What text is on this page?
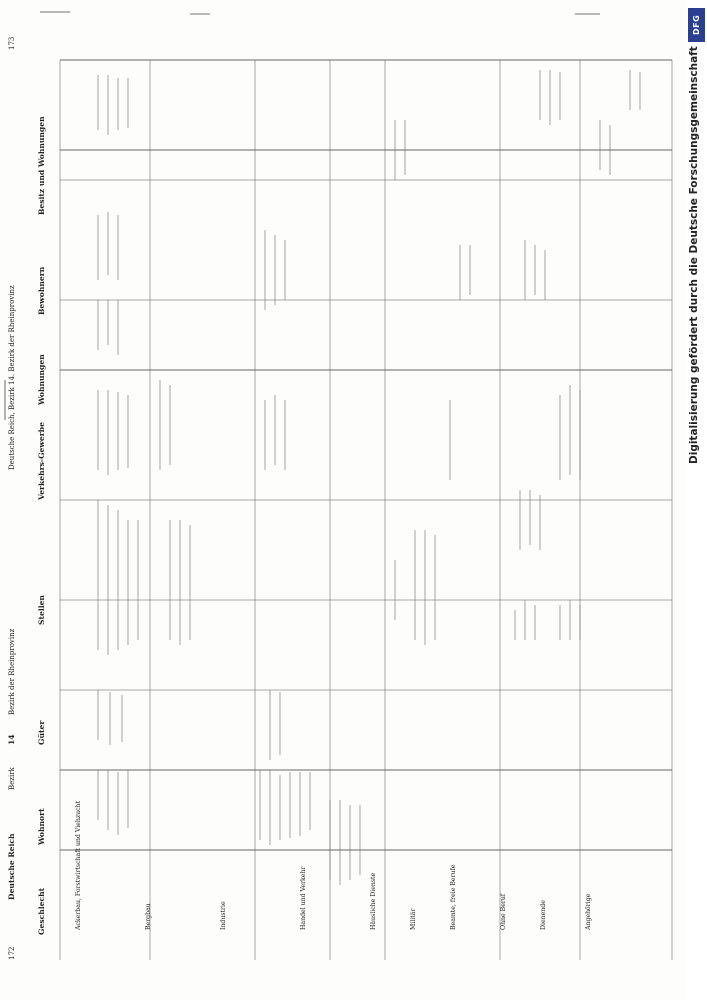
172
Deutsche Reich
Bezirk
14
Bezirk der Rheinprovinz
Deutsche Reich, Bezirk 14. Bezirk der Rheinprovinz
173
Geschlecht
Wohnort
Güter
Stellen
Verkehrs-Gewerbe
Wohnungen
Bewohnern
Besitz und Wohnungen
Ackerbau, Forstwirtschaft und Viehzucht	Bergbau	Industrie	Handel und Verkehr	Häusliche Dienste	Militär	Beamte, freie Berufe	Ohne Beruf	Dienende	Angehörige
DFG
Digitalisierung gefördert durch die Deutsche Forschungsgemeinschaft
